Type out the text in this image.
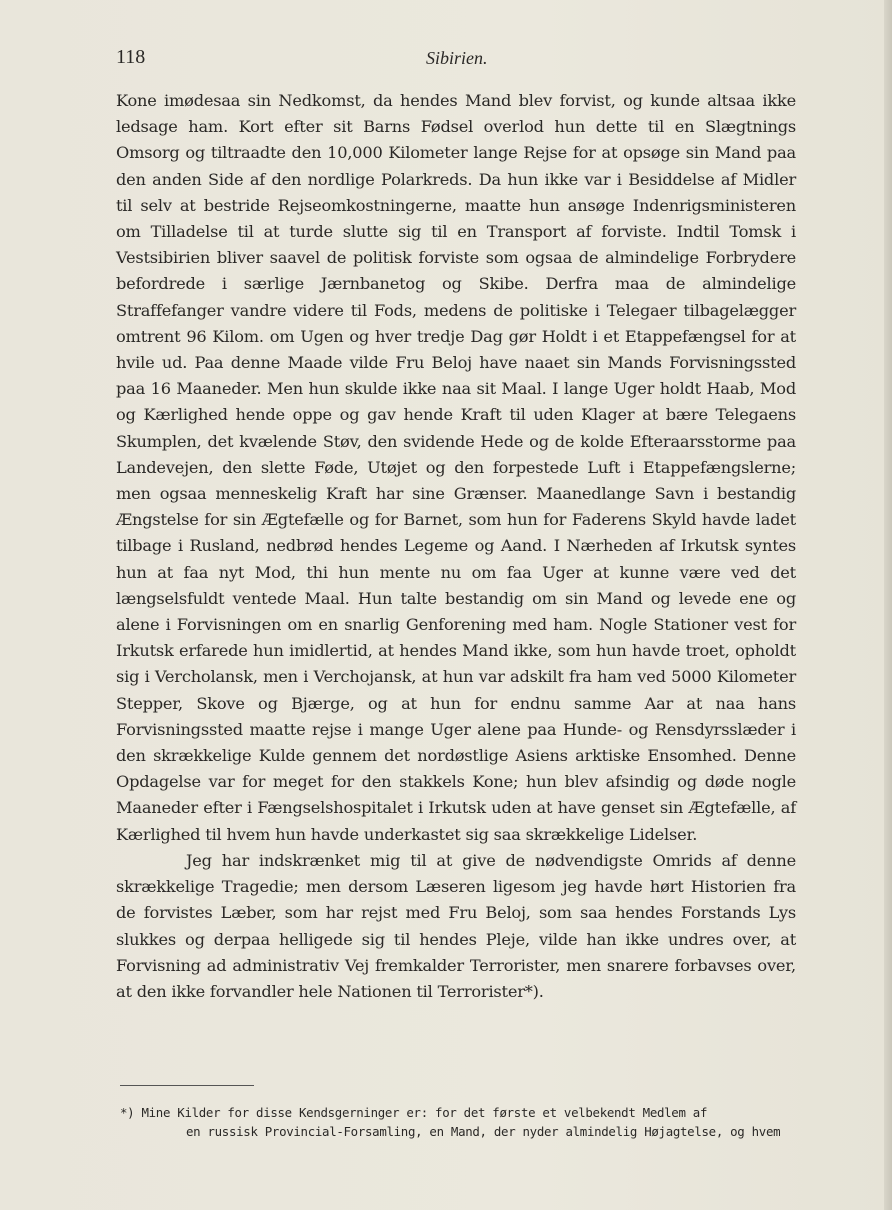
118	Sibirien.

Kone imødesaa sin Nedkomst, da hendes Mand blev forvist, og kunde altsaa ikke ledsage ham. Kort efter sit Barns Fødsel overlod hun dette til en Slægtnings Omsorg og tiltraadte den 10,000 Kilometer lange Rejse for at opsøge sin Mand paa den anden Side af den nordlige Polarkreds. Da hun ikke var i Besiddelse af Midler til selv at bestride Rejseomkostningerne, maatte hun ansøge Indenrigsministeren om Tilladelse til at turde slutte sig til en Transport af forviste. Indtil Tomsk i Vestsibirien bliver saavel de politisk forviste som ogsaa de almindelige Forbrydere befordrede i særlige Jærnbanetog og Skibe. Derfra maa de almindelige Straffefanger vandre videre til Fods, medens de politiske i Telegaer tilbagelægger omtrent 96 Kilom. om Ugen og hver tredje Dag gør Holdt i et Etappefængsel for at hvile ud. Paa denne Maade vilde Fru Beloj have naaet sin Mands Forvisningssted paa 16 Maaneder. Men hun skulde ikke naa sit Maal. I lange Uger holdt Haab, Mod og Kærlighed hende oppe og gav hende Kraft til uden Klager at bære Telegaens Skumplen, det kvælende Støv, den svidende Hede og de kolde Efteraarsstorme paa Landevejen, den slette Føde, Utøjet og den forpestede Luft i Etappefængslerne; men ogsaa menneskelig Kraft har sine Grænser. Maanedlange Savn i bestandig Ængstelse for sin Ægtefælle og for Barnet, som hun for Faderens Skyld havde ladet tilbage i Rusland, nedbrød hendes Legeme og Aand. I Nærheden af Irkutsk syntes hun at faa nyt Mod, thi hun mente nu om faa Uger at kunne være ved det længselsfuldt ventede Maal. Hun talte bestandig om sin Mand og levede ene og alene i Forvisningen om en snarlig Genforening med ham. Nogle Stationer vest for Irkutsk erfarede hun imidlertid, at hendes Mand ikke, som hun havde troet, opholdt sig i Vercholansk, men i Verchojansk, at hun var adskilt fra ham ved 5000 Kilometer Stepper, Skove og Bjærge, og at hun for endnu samme Aar at naa hans Forvisningssted maatte rejse i mange Uger alene paa Hunde- og Rensdyrsslæder i den skrækkelige Kulde gennem det nordøstlige Asiens arktiske Ensomhed. Denne Opdagelse var for meget for den stakkels Kone; hun blev afsindig og døde nogle Maaneder efter i Fængselshospitalet i Irkutsk uden at have genset sin Ægtefælle, af Kærlighed til hvem hun havde underkastet sig saa skrækkelige Lidelser.

Jeg har indskrænket mig til at give de nødvendigste Omrids af denne skrækkelige Tragedie; men dersom Læseren ligesom jeg havde hørt Historien fra de forvistes Læber, som har rejst med Fru Beloj, som saa hendes Forstands Lys slukkes og derpaa helligede sig til hendes Pleje, vilde han ikke undres over, at Forvisning ad administrativ Vej fremkalder Terrorister, men snarere forbavses over, at den ikke forvandler hele Nationen til Terrorister*).

*) Mine Kilder for disse Kendsgerninger er: for det første et velbekendt Medlem af
en russisk Provincial-Forsamling, en Mand, der nyder almindelig Højagtelse, og hvem
